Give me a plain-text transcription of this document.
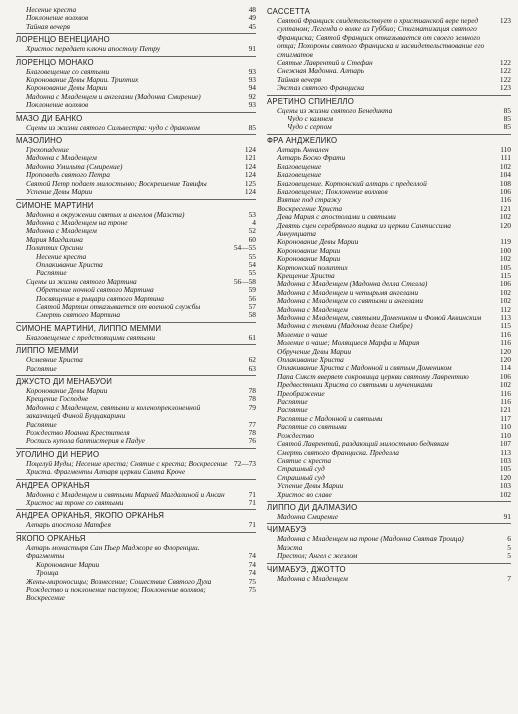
Несение креста	48
Поклонение волхвов	49
Тайная вечеря	45
ЛОРЕНЦО ВЕНЕЦИАНО
Христос передает ключи апостолу Петру	91
ЛОРЕНЦО МОНАКО
Благовещение со святыми	93
Коронование Девы Марии. Триптих	93
Коронование Девы Марии	94
Мадонна с Младенцем и ангелами (Мадонна Смирение)	92
Поклонение волхвов	93
МАЗО ДИ БАНКО
Сцены из жизни святого Сильвестра: чудо с драконом	85
МАЗОЛИНО
Грехопадение	124
Мадонна с Младенцем	121
Мадонна Умильта (Смирение)	124
Проповедь святого Петра	124
Святой Петр подает милостыню; Воскрешение Тавифы	125
Успение Девы Марии	124
СИМОНЕ МАРТИНИ
Мадонна в окружении святых и ангелов (Маэста)	53
Мадонна с Младенцем на троне	4
Мадонна с Младенцем	52
Мария Магдалина	60
Полиптих Орсини	54—55
Несение креста	55
Оплакивание Христа	54
Распятие	55
Сцены из жизни святого Мартина	56—58
Обретение ночной святого Мартина	59
Посвящение в рыцари святого Мартина	56
Святой Мартин отказывается от военной службы	57
Смерть святого Мартина	58
СИМОНЕ МАРТИНИ, ЛИППО МЕММИ
Благовещение с предстоящими святыми	61
ЛИППО МЕММИ
Осмеяние Христа	62
Распятие	63
ДЖУСТО ДИ МЕНАБУОИ
Коронование Девы Марии	78
Крещение Господне	78
Мадонна с Младенцем, святыми и коленопреклоненной заказчицей Финой Буццакарини
79
Распятие	77
Рождество Иоанна Крестителя	78
Роспись купола баптистерия в Падуе	76
УГОЛИНО ДИ НЕРИО
Поцелуй Иуды; Несение креста; Снятие с креста; Воскресение Христа. Фрагменты Алтаря церкви Санта Кроче
72—73
АНДРЕА ОРКАНЬЯ
Мадонна с Младенцем и святыми Марией Магдалиной и Ансан	71
Христос на троне со святыми	71
АНДРЕА ОРКАНЬЯ, ЯКОПО ОРКАНЬЯ
Алтарь апостола Матфея	71
ЯКОПО ОРКАНЬЯ
Алтарь монастыря Сан Пьер Маджоре во Флоренции.
Фрагменты	74
Коронование Марии	74
Троица	74
Жены-мироносицы; Вознесение; Сошествие Святого Духа	75
Рождество и поклонение пастухов; Поклонение волхвов; Воскресение
75
САССЕТТА
Святой Франциск свидетельствует о христианской вере перед султаном; Легенда о волке из Губбио; Стигматизация святого Франциска; Святой Франциск отказывается от своего земного отца; Похороны святого Франциска и засвидетельствование его стигматов
123
Святые Лаврентий и Стефан	122
Снежная Мадонна. Алтарь	122
Тайная вечеря	122
Экстаз святого Франциска	123
АРЕТИНО СПИНЕЛЛО
Сцены из жизни святого Бенедикта	85
Чудо с камнем	85
Чудо с серпом	85
ФРА АНДЖЕЛИКО
Алтарь Аннален	110
Алтарь Боско Фрати	111
Благовещение	102
Благовещение	104
Благовещение. Кортонский алтарь с пределлой	108
Благовещение; Поклонение волхвов	106
Взятие под стражу	116
Воскресение Христа	121
Дева Мария с апостолами и святыми	102
Девять сцен серебряного ящика из церкви Сантиссима Аннунциата
120
Коронование Девы Марии	119
Коронование Марии	100
Коронование Марии	102
Кортонский полиптих	105
Крещение Христа	115
Мадонна с Младенцем (Мадонна делла Стелла)	106
Мадонна с Младенцем и четырьмя ангелами	102
Мадонна с Младенцем со святыми и ангелами	102
Мадонна с Младенцем	112
Мадонна с Младенцем, святыми Домеником и Фомой Аквинским	113
Мадонна с тенями (Мадонна делле Омбре)	115
Моление о чаше	116
Моление о чаше; Молящиеся Марфа и Мария	116
Обручение Девы Марии	120
Оплакивание Христа	120
Оплакивание Христа с Мадонной и святым Домеником	114
Папа Сикст вверяет сокровища церкви святому Лаврентию	106
Предвестники Христа со святыми и мучениками	102
Преображение	116
Распятие	116
Распятие	121
Распятие с Мадонной и святыми	117
Распятие со святыми	110
Рождество	110
Святой Лаврентий, раздающий милостыню беднякам	107
Смерть святого Франциска. Пределла	113
Снятие с креста	103
Страшный суд	105
Страшный суд	120
Успение Девы Марии	103
Христос во славе	102
ЛИППО ДИ ДАЛМАЗИО
Мадонна Смирение	91
ЧИМАБУЭ
Мадонна с Младенцем на троне (Мадонна Святая Троица)	6
Маэста	5
Престол; Ангел с жезлом	5
ЧИМАБУЭ, ДЖОТТО
Мадонна с Младенцем	7
